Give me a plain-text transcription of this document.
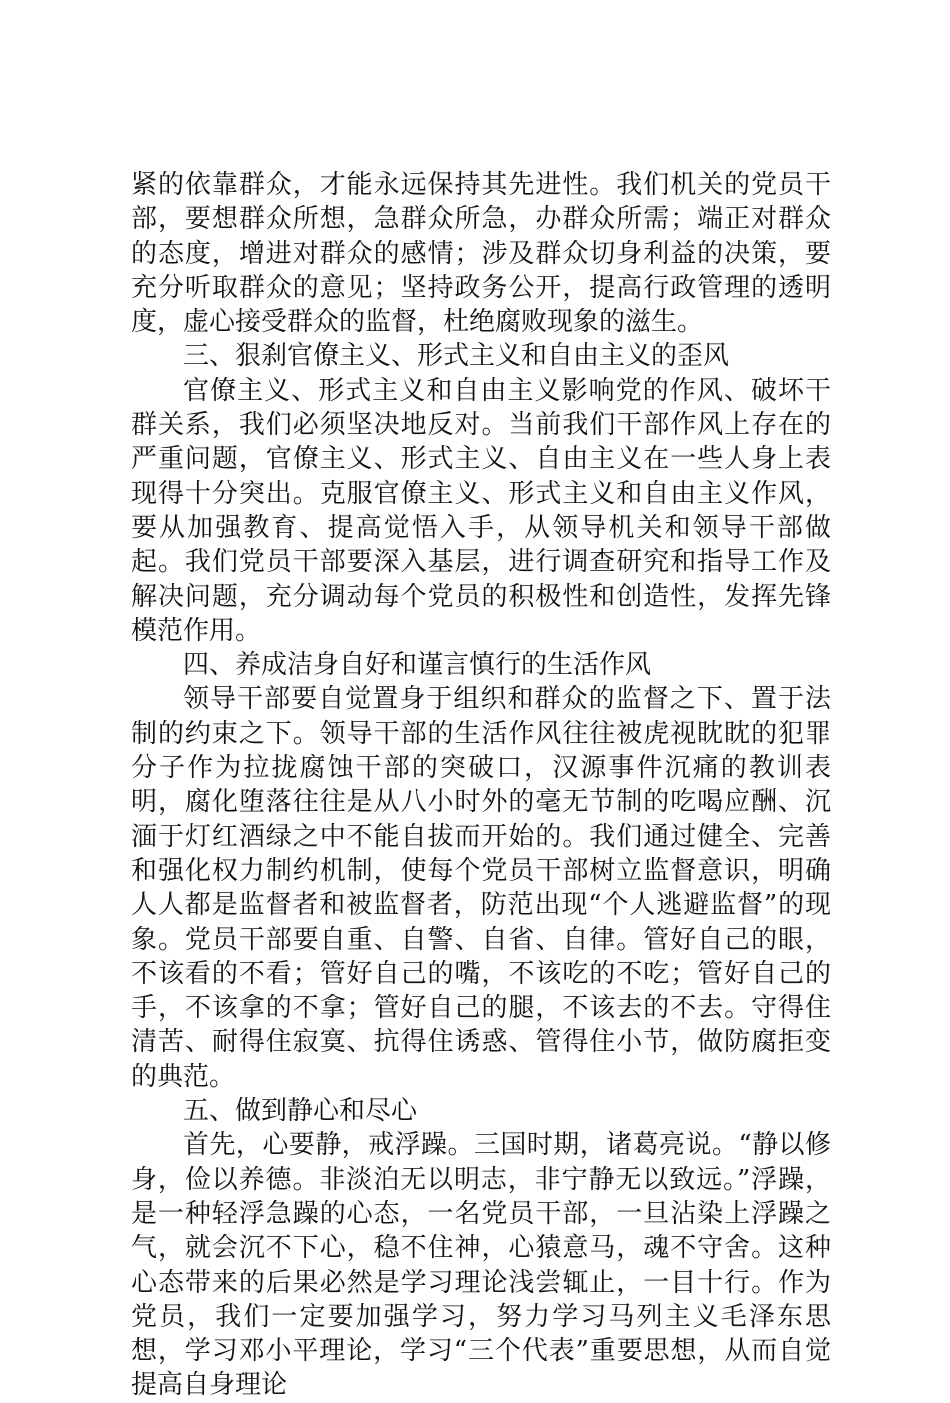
紧的依靠群众，才能永远保持其先进性。我们机关的党员干部，要想群众所想，急群众所急，办群众所需；端正对群众的态度，增进对群众的感情；涉及群众切身利益的决策，要充分听取群众的意见；坚持政务公开，提高行政管理的透明度，虚心接受群众的监督，杜绝腐败现象的滋生。

三、狠刹官僚主义、形式主义和自由主义的歪风

官僚主义、形式主义和自由主义影响党的作风、破坏干群关系，我们必须坚决地反对。当前我们干部作风上存在的严重问题，官僚主义、形式主义、自由主义在一些人身上表现得十分突出。克服官僚主义、形式主义和自由主义作风，要从加强教育、提高觉悟入手，从领导机关和领导干部做起。我们党员干部要深入基层，进行调查研究和指导工作及解决问题，充分调动每个党员的积极性和创造性，发挥先锋模范作用。

四、养成洁身自好和谨言慎行的生活作风

领导干部要自觉置身于组织和群众的监督之下、置于法制的约束之下。领导干部的生活作风往往被虎视眈眈的犯罪分子作为拉拢腐蚀干部的突破口，汉源事件沉痛的教训表明，腐化堕落往往是从八小时外的毫无节制的吃喝应酬、沉湎于灯红酒绿之中不能自拔而开始的。我们通过健全、完善和强化权力制约机制，使每个党员干部树立监督意识，明确人人都是监督者和被监督者，防范出现“个人逃避监督”的现象。党员干部要自重、自警、自省、自律。管好自己的眼，不该看的不看；管好自己的嘴，不该吃的不吃；管好自己的手，不该拿的不拿；管好自己的腿，不该去的不去。守得住清苦、耐得住寂寞、抗得住诱惑、管得住小节，做防腐拒变的典范。

五、做到静心和尽心

首先，心要静，戒浮躁。三国时期，诸葛亮说。“静以修身，俭以养德。非淡泊无以明志，非宁静无以致远。”浮躁，是一种轻浮急躁的心态，一名党员干部，一旦沾染上浮躁之气，就会沉不下心，稳不住神，心猿意马，魂不守舍。这种心态带来的后果必然是学习理论浅尝辄止，一目十行。作为党员，我们一定要加强学习，努力学习马列主义毛泽东思想，学习邓小平理论，学习“三个代表”重要思想，从而自觉提高自身理论
